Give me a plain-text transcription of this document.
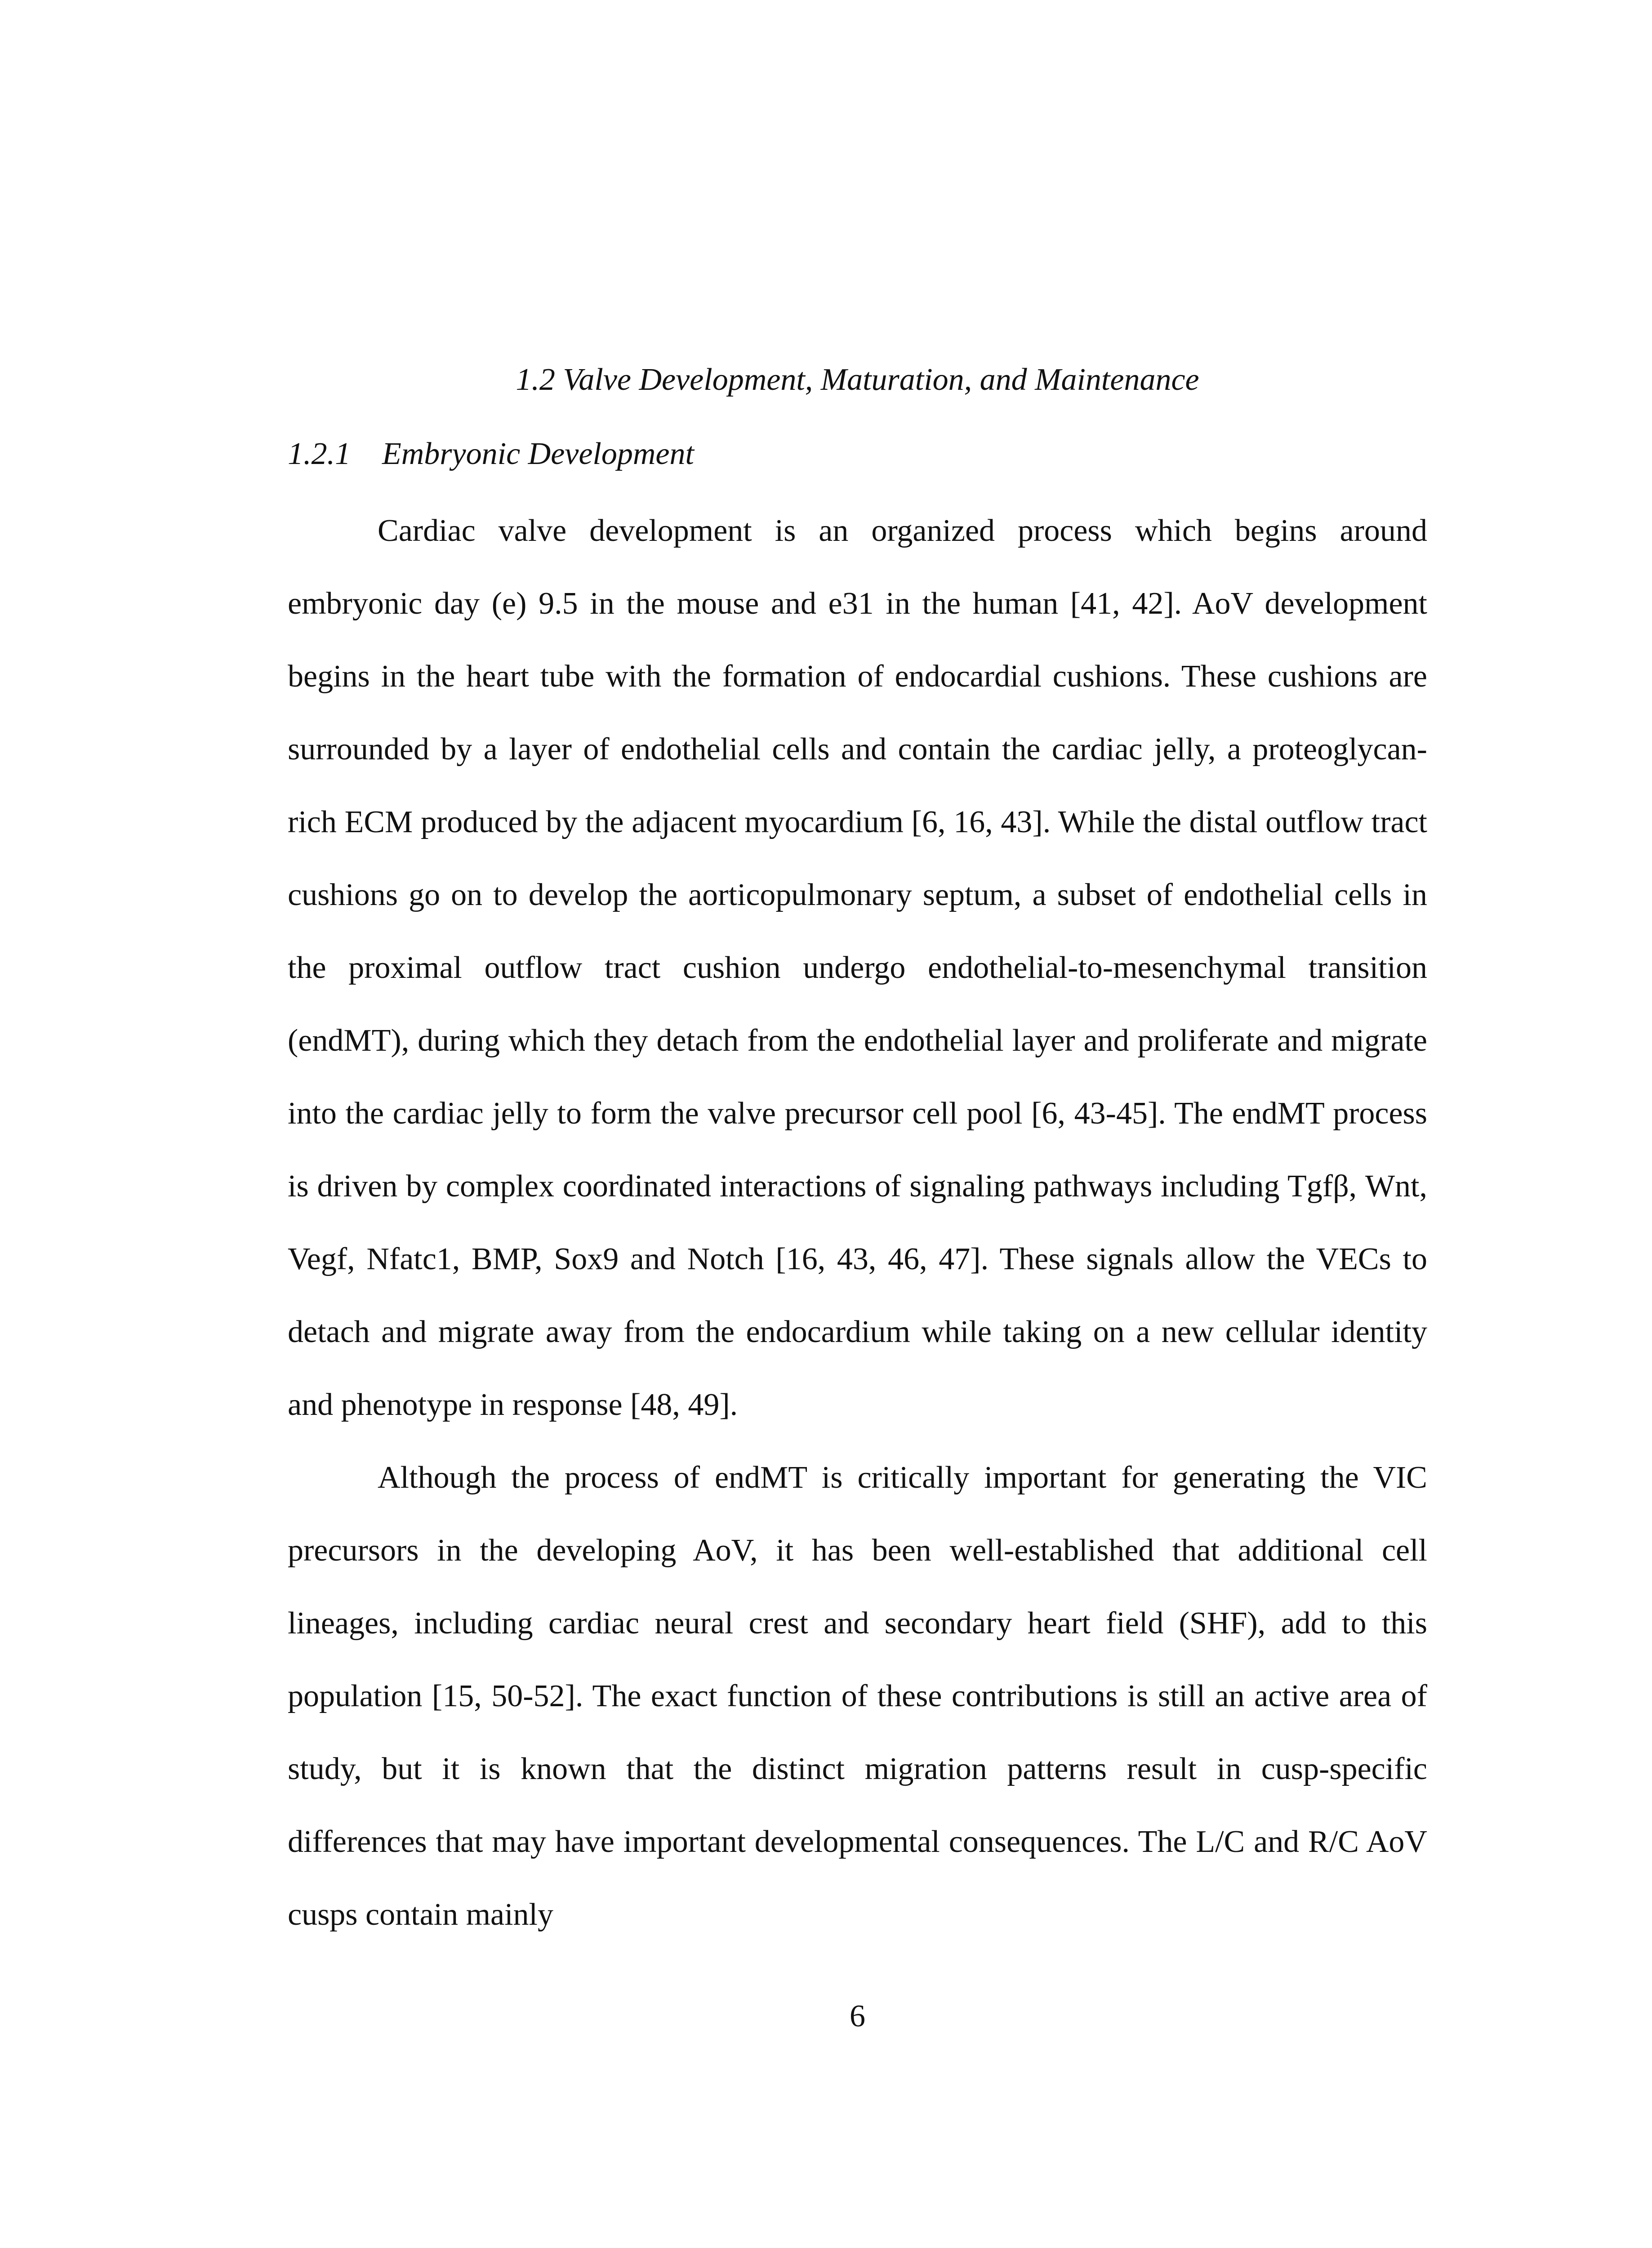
1.2 Valve Development, Maturation, and Maintenance
1.2.1 Embryonic Development

Cardiac valve development is an organized process which begins around embryonic day (e) 9.5 in the mouse and e31 in the human [41, 42]. AoV development begins in the heart tube with the formation of endocardial cushions. These cushions are surrounded by a layer of endothelial cells and contain the cardiac jelly, a proteoglycan-rich ECM produced by the adjacent myocardium [6, 16, 43]. While the distal outflow tract cushions go on to develop the aorticopulmonary septum, a subset of endothelial cells in the proximal outflow tract cushion undergo endothelial-to-mesenchymal transition (endMT), during which they detach from the endothelial layer and proliferate and migrate into the cardiac jelly to form the valve precursor cell pool [6, 43-45]. The endMT process is driven by complex coordinated interactions of signaling pathways including Tgfβ, Wnt, Vegf, Nfatc1, BMP, Sox9 and Notch [16, 43, 46, 47]. These signals allow the VECs to detach and migrate away from the endocardium while taking on a new cellular identity and phenotype in response [48, 49].

Although the process of endMT is critically important for generating the VIC precursors in the developing AoV, it has been well-established that additional cell lineages, including cardiac neural crest and secondary heart field (SHF), add to this population [15, 50-52]. The exact function of these contributions is still an active area of study, but it is known that the distinct migration patterns result in cusp-specific differences that may have important developmental consequences. The L/C and R/C AoV cusps contain mainly

6
